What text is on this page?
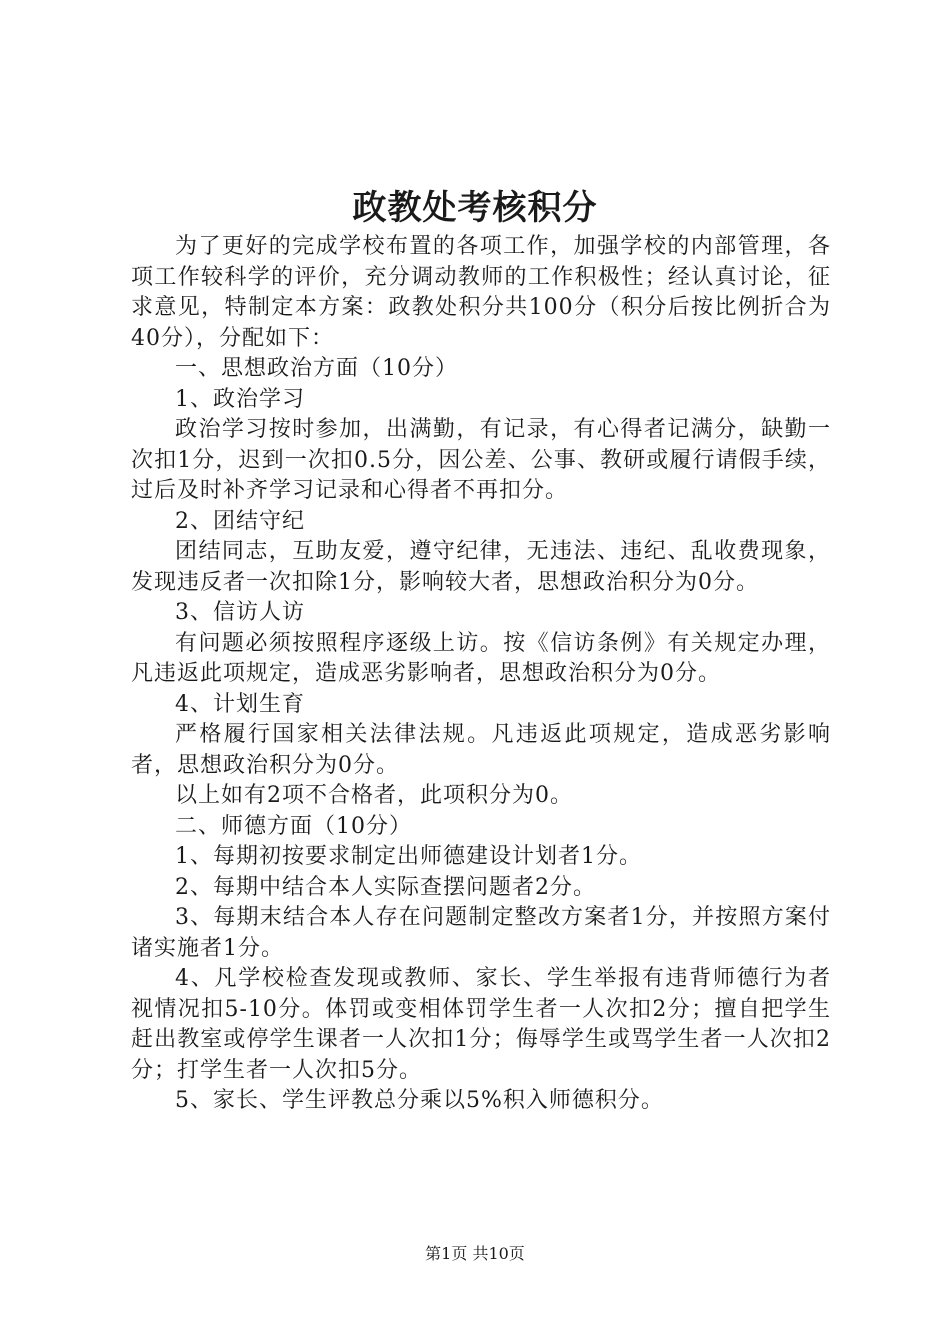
政教处考核积分

为了更好的完成学校布置的各项工作，加强学校的内部管理，各项工作较科学的评价，充分调动教师的工作积极性；经认真讨论，征求意见，特制定本方案：政教处积分共100分（积分后按比例折合为40分），分配如下：

一、思想政治方面（10分）

1、政治学习

政治学习按时参加，出满勤，有记录，有心得者记满分，缺勤一次扣1分，迟到一次扣0.5分，因公差、公事、教研或履行请假手续，过后及时补齐学习记录和心得者不再扣分。

2、团结守纪

团结同志，互助友爱，遵守纪律，无违法、违纪、乱收费现象，发现违反者一次扣除1分，影响较大者，思想政治积分为0分。

3、信访人访

有问题必须按照程序逐级上访。按《信访条例》有关规定办理，凡违返此项规定，造成恶劣影响者，思想政治积分为0分。

4、计划生育

严格履行国家相关法律法规。凡违返此项规定，造成恶劣影响者，思想政治积分为0分。

以上如有2项不合格者，此项积分为0。

二、师德方面（10分）

1、每期初按要求制定出师德建设计划者1分。

2、每期中结合本人实际查摆问题者2分。

3、每期末结合本人存在问题制定整改方案者1分，并按照方案付诸实施者1分。

4、凡学校检查发现或教师、家长、学生举报有违背师德行为者视情况扣5-10分。体罚或变相体罚学生者一人次扣2分；擅自把学生赶出教室或停学生课者一人次扣1分；侮辱学生或骂学生者一人次扣2分；打学生者一人次扣5分。

5、家长、学生评教总分乘以5%积入师德积分。

第1页 共10页
